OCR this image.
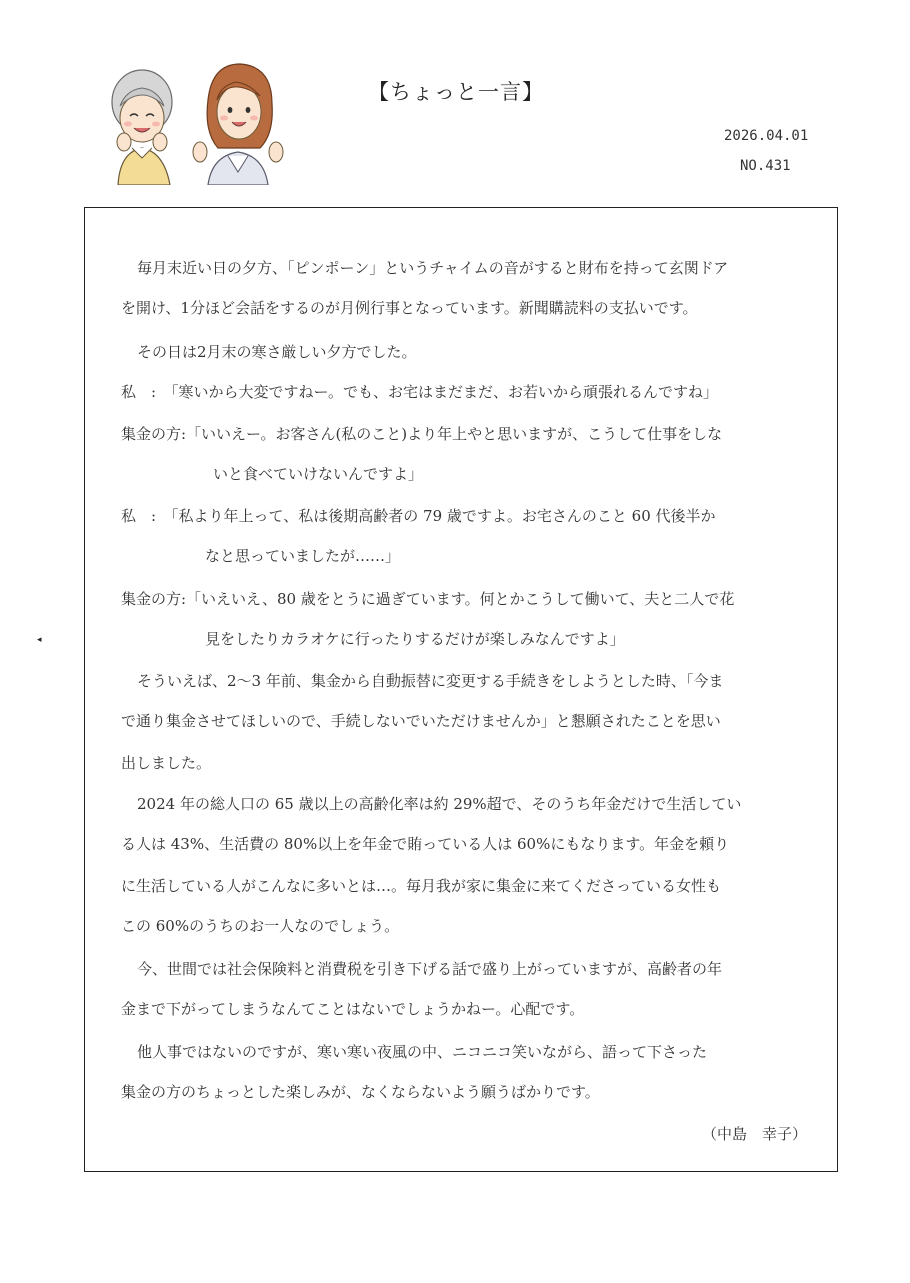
【ちょっと一言】
2026.04.01
NO.431
◂
毎月末近い日の夕方、「ピンポーン」というチャイムの音がすると財布を持って玄関ドア
を開け、1分ほど会話をするのが月例行事となっています。新聞購読料の支払いです。
その日は2月末の寒さ厳しい夕方でした。
私　:　「寒いから大変ですねー。でも、お宅はまだまだ、お若いから頑張れるんですね」
集金の方:「いいえー。お客さん(私のこと)より年上やと思いますが、こうして仕事をしな
いと食べていけないんですよ」
私　:　「私より年上って、私は後期高齢者の 79 歳ですよ。お宅さんのこと 60 代後半か
なと思っていましたが……」
集金の方:「いえいえ、80 歳をとうに過ぎています。何とかこうして働いて、夫と二人で花
見をしたりカラオケに行ったりするだけが楽しみなんですよ」
そういえば、2〜3 年前、集金から自動振替に変更する手続きをしようとした時、「今ま
で通り集金させてほしいので、手続しないでいただけませんか」と懇願されたことを思い
出しました。
2024 年の総人口の 65 歳以上の高齢化率は約 29%超で、そのうち年金だけで生活してい
る人は 43%、生活費の 80%以上を年金で賄っている人は 60%にもなります。年金を頼り
に生活している人がこんなに多いとは…。毎月我が家に集金に来てくださっている女性も
この 60%のうちのお一人なのでしょう。
今、世間では社会保険料と消費税を引き下げる話で盛り上がっていますが、高齢者の年
金まで下がってしまうなんてことはないでしょうかねー。心配です。
他人事ではないのですが、寒い寒い夜風の中、ニコニコ笑いながら、語って下さった
集金の方のちょっとした楽しみが、なくならないよう願うばかりです。
（中島　幸子）
